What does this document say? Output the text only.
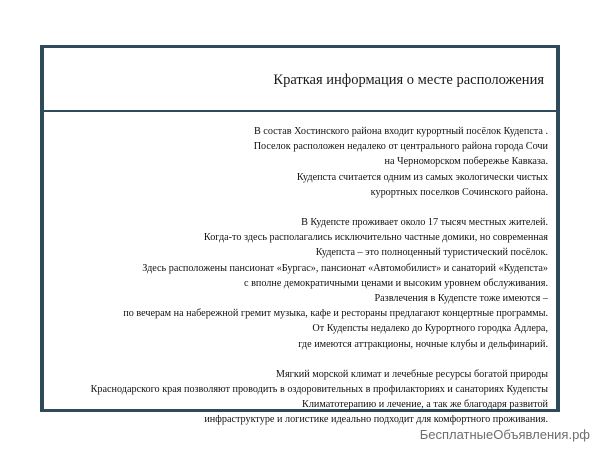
Краткая информация о месте расположения

В состав Хостинского района входит курортный посёлок Кудепста .
Поселок расположен недалеко от центрального района города Сочи
на Черноморском побережье Кавказа.
Кудепста считается одним из самых экологически чистых
курортных поселков Сочинского района.

В Кудепсте проживает около 17 тысяч местных жителей.
Когда-то здесь располагались исключительно частные домики, но современная
Кудепста – это полноценный туристический посёлок.
Здесь расположены пансионат «Бургас», пансионат «Автомобилист» и санаторий «Кудепста»
с вполне демократичными ценами и высоким уровнем обслуживания.
Развлечения в Кудепсте тоже имеются –
по вечерам на набережной гремит музыка, кафе и рестораны предлагают концертные программы.
От Кудепсты недалеко до Курортного городка Адлера,
где имеются аттракционы, ночные клубы и дельфинарий.

Мягкий морской климат и лечебные ресурсы богатой природы
Краснодарского края позволяют проводить в оздоровительных в профилакториях и санаториях Кудепсты
Климатотерапию и лечение, а так же благодаря развитой
инфраструктуре и логистике идеально подходит для комфортного проживания.

БесплатныеОбъявления.рф
